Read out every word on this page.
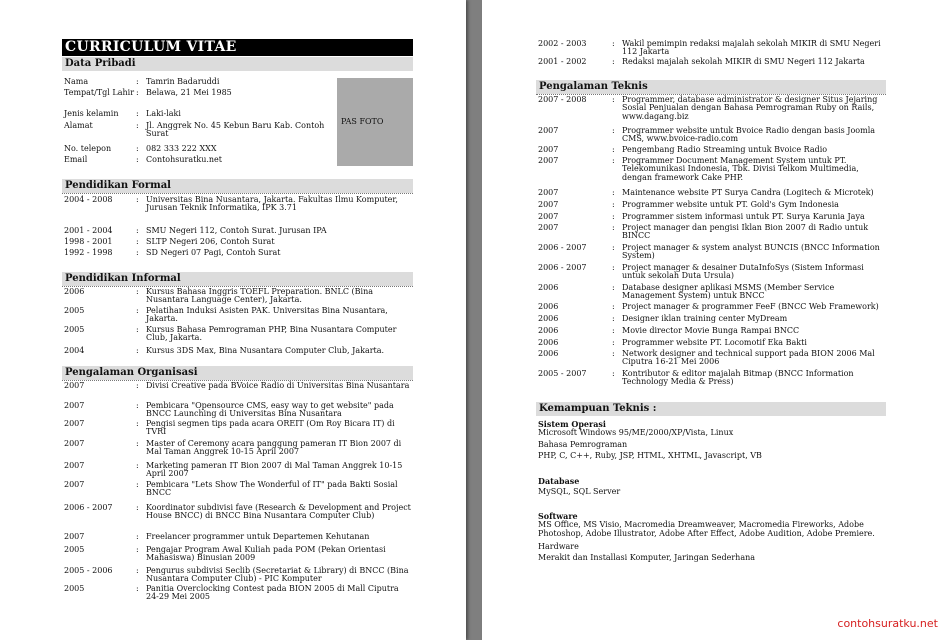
CURRICULUM VITAE
Data Pribadi
Nama	: Tamrin Badaruddi
Tempat/Tgl Lahir : Belawa, 21 Mei 1985
Jenis kelamin	: Laki-laki
Alamat	: Jl. Anggrek No. 45 Kebun Baru Kab. Contoh Surat
No. telepon	: 082 333 222 XXX
Email	: Contohsuratku.net
PAS FOTO
Pendidikan Formal
2004 - 2008	: Universitas Bina Nusantara, Jakarta. Fakultas Ilmu Komputer, Jurusan Teknik Informatika, IPK 3.71
2001 - 2004	: SMU Negeri 112, Contoh Surat. Jurusan IPA
1998 - 2001	: SLTP Negeri 206, Contoh Surat
1992 - 1998	: SD Negeri 07 Pagi, Contoh Surat
Pendidikan Informal
2006	: Kursus Bahasa Inggris TOEFL Preparation. BNLC (Bina Nusantara Language Center), Jakarta.
2005	: Pelatihan Induksi Asisten PAK. Universitas Bina Nusantara, Jakarta.
2005	: Kursus Bahasa Pemrograman PHP, Bina Nusantara Computer Club, Jakarta.
2004	: Kursus 3DS Max, Bina Nusantara Computer Club, Jakarta.
Pengalaman Organisasi
2007	: Divisi Creative pada BVoice Radio di Universitas Bina Nusantara
2007	: Pembicara "Opensource CMS, easy way to get website" pada BNCC Launching di Universitas Bina Nusantara
2007	: Pengisi segmen tips pada acara OREIT (Om Roy Bicara IT) di TVRI
2007	: Master of Ceremony acara panggung pameran IT Bion 2007 di Mal Taman Anggrek 10-15 April 2007
2007	: Marketing pameran IT Bion 2007 di Mal Taman Anggrek 10-15 April 2007
2007	: Pembicara "Lets Show The Wonderful of IT" pada Bakti Sosial BNCC
2006 - 2007	: Koordinator subdivisi fave (Research & Development and Project House BNCC) di BNCC Bina Nusantara Computer Club)
2007	: Freelancer programmer untuk Departemen Kehutanan
2005	: Pengajar Program Awal Kuliah pada POM (Pekan Orientasi Mahasiswa) Binusian 2009
2005 - 2006	: Pengurus subdivisi Seclib (Secretariat & Library) di BNCC (Bina Nusantara Computer Club) - PIC Komputer
2005	: Panitia Overclocking Contest pada BION 2005 di Mall Ciputra 24-29 Mei 2005
2002 - 2003	: Wakil pemimpin redaksi majalah sekolah MIKIR di SMU Negeri 112 Jakarta
2001 - 2002	: Redaksi majalah sekolah MIKIR di SMU Negeri 112 Jakarta
Pengalaman Teknis
2007 - 2008	: Programmer, database administrator & designer Situs Jejaring Sosial Penjualan dengan Bahasa Pemrograman Ruby on Rails, www.dagang.biz
2007	: Programmer website untuk Bvoice Radio dengan basis Joomla CMS, www.bvoice-radio.com
2007	: Pengembang Radio Streaming untuk Bvoice Radio
2007	: Programmer Document Management System untuk PT. Telekomunikasi Indonesia, Tbk. Divisi Telkom Multimedia, dengan framework Cake PHP.
2007	: Maintenance website PT Surya Candra (Logitech & Microtek)
2007	: Programmer website untuk PT. Gold's Gym Indonesia
2007	: Programmer sistem informasi untuk PT. Surya Karunia Jaya
2007	: Project manager dan pengisi Iklan Bion 2007 di Radio untuk BINCC
2006 - 2007	: Project manager & system analyst BUNCIS (BNCC Information System)
2006 - 2007	: Project manager & desainer DutaInfoSys (Sistem Informasi untuk sekolah Duta Ursula)
2006	: Database designer aplikasi MSMS (Member Service Management System) untuk BNCC
2006	: Project manager & programmer FeeF (BNCC Web Framework)
2006	: Designer iklan training center MyDream
2006	: Movie director Movie Bunga Rampai BNCC
2006	: Programmer website PT. Locomotif Eka Bakti
2006	: Network designer and technical support pada BION 2006 Mal Ciputra 16-21 Mei 2006
2005 - 2007	: Kontributor & editor majalah Bitmap (BNCC Information Technology Media & Press)
Kemampuan Teknis :
Sistem Operasi
Microsoft Windows 95/ME/2000/XP/Vista, Linux
Bahasa Pemrograman
PHP, C, C++, Ruby, JSP, HTML, XHTML, Javascript, VB
Database
MySQL, SQL Server
Software
MS Office, MS Visio, Macromedia Dreamweaver, Macromedia Fireworks, Adobe Photoshop, Adobe Illustrator, Adobe After Effect, Adobe Audition, Adobe Premiere.
Hardware
Merakit dan Installasi Komputer, Jaringan Sederhana
contohsuratku.net
